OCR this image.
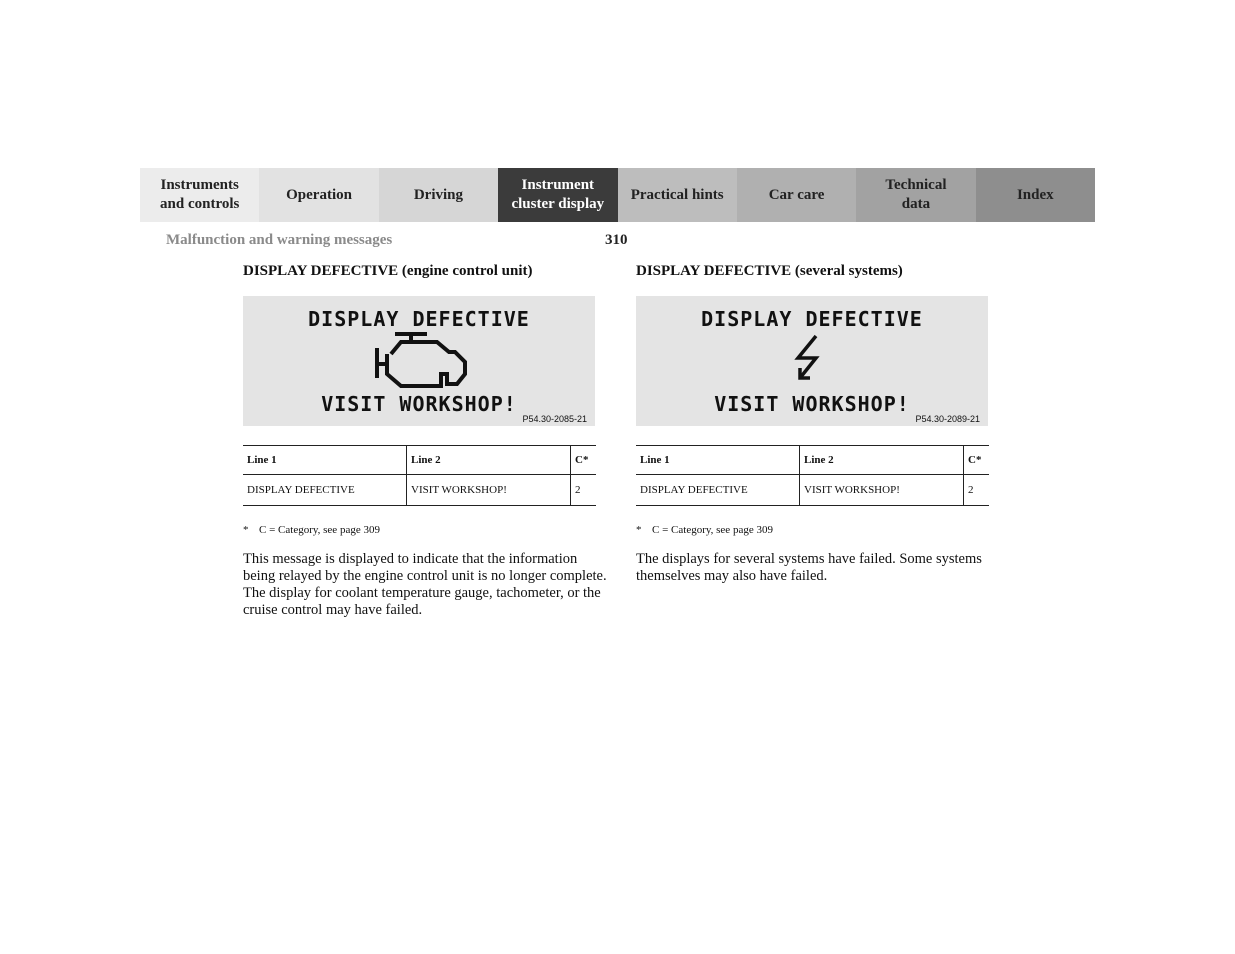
Instruments
and controls
Operation	Driving
Instrument
cluster display
Practical hints	Car care
Technical
data
Index
Malfunction and warning messages	310
DISPLAY DEFECTIVE (engine control unit)
DISPLAY DEFECTIVE
VISIT WORKSHOP!
P54.30-2085-21
Line 1	Line 2	C*
DISPLAY DEFECTIVE	VISIT WORKSHOP!	2
* C = Category, see page 309
This message is displayed to indicate that the information being relayed by the engine control unit is no longer complete. The display for coolant temperature gauge, tachometer, or the cruise control may have failed.
DISPLAY DEFECTIVE (several systems)
DISPLAY DEFECTIVE
VISIT WORKSHOP!
P54.30-2089-21
Line 1	Line 2	C*
DISPLAY DEFECTIVE	VISIT WORKSHOP!	2
* C = Category, see page 309
The displays for several systems have failed. Some systems themselves may also have failed.
